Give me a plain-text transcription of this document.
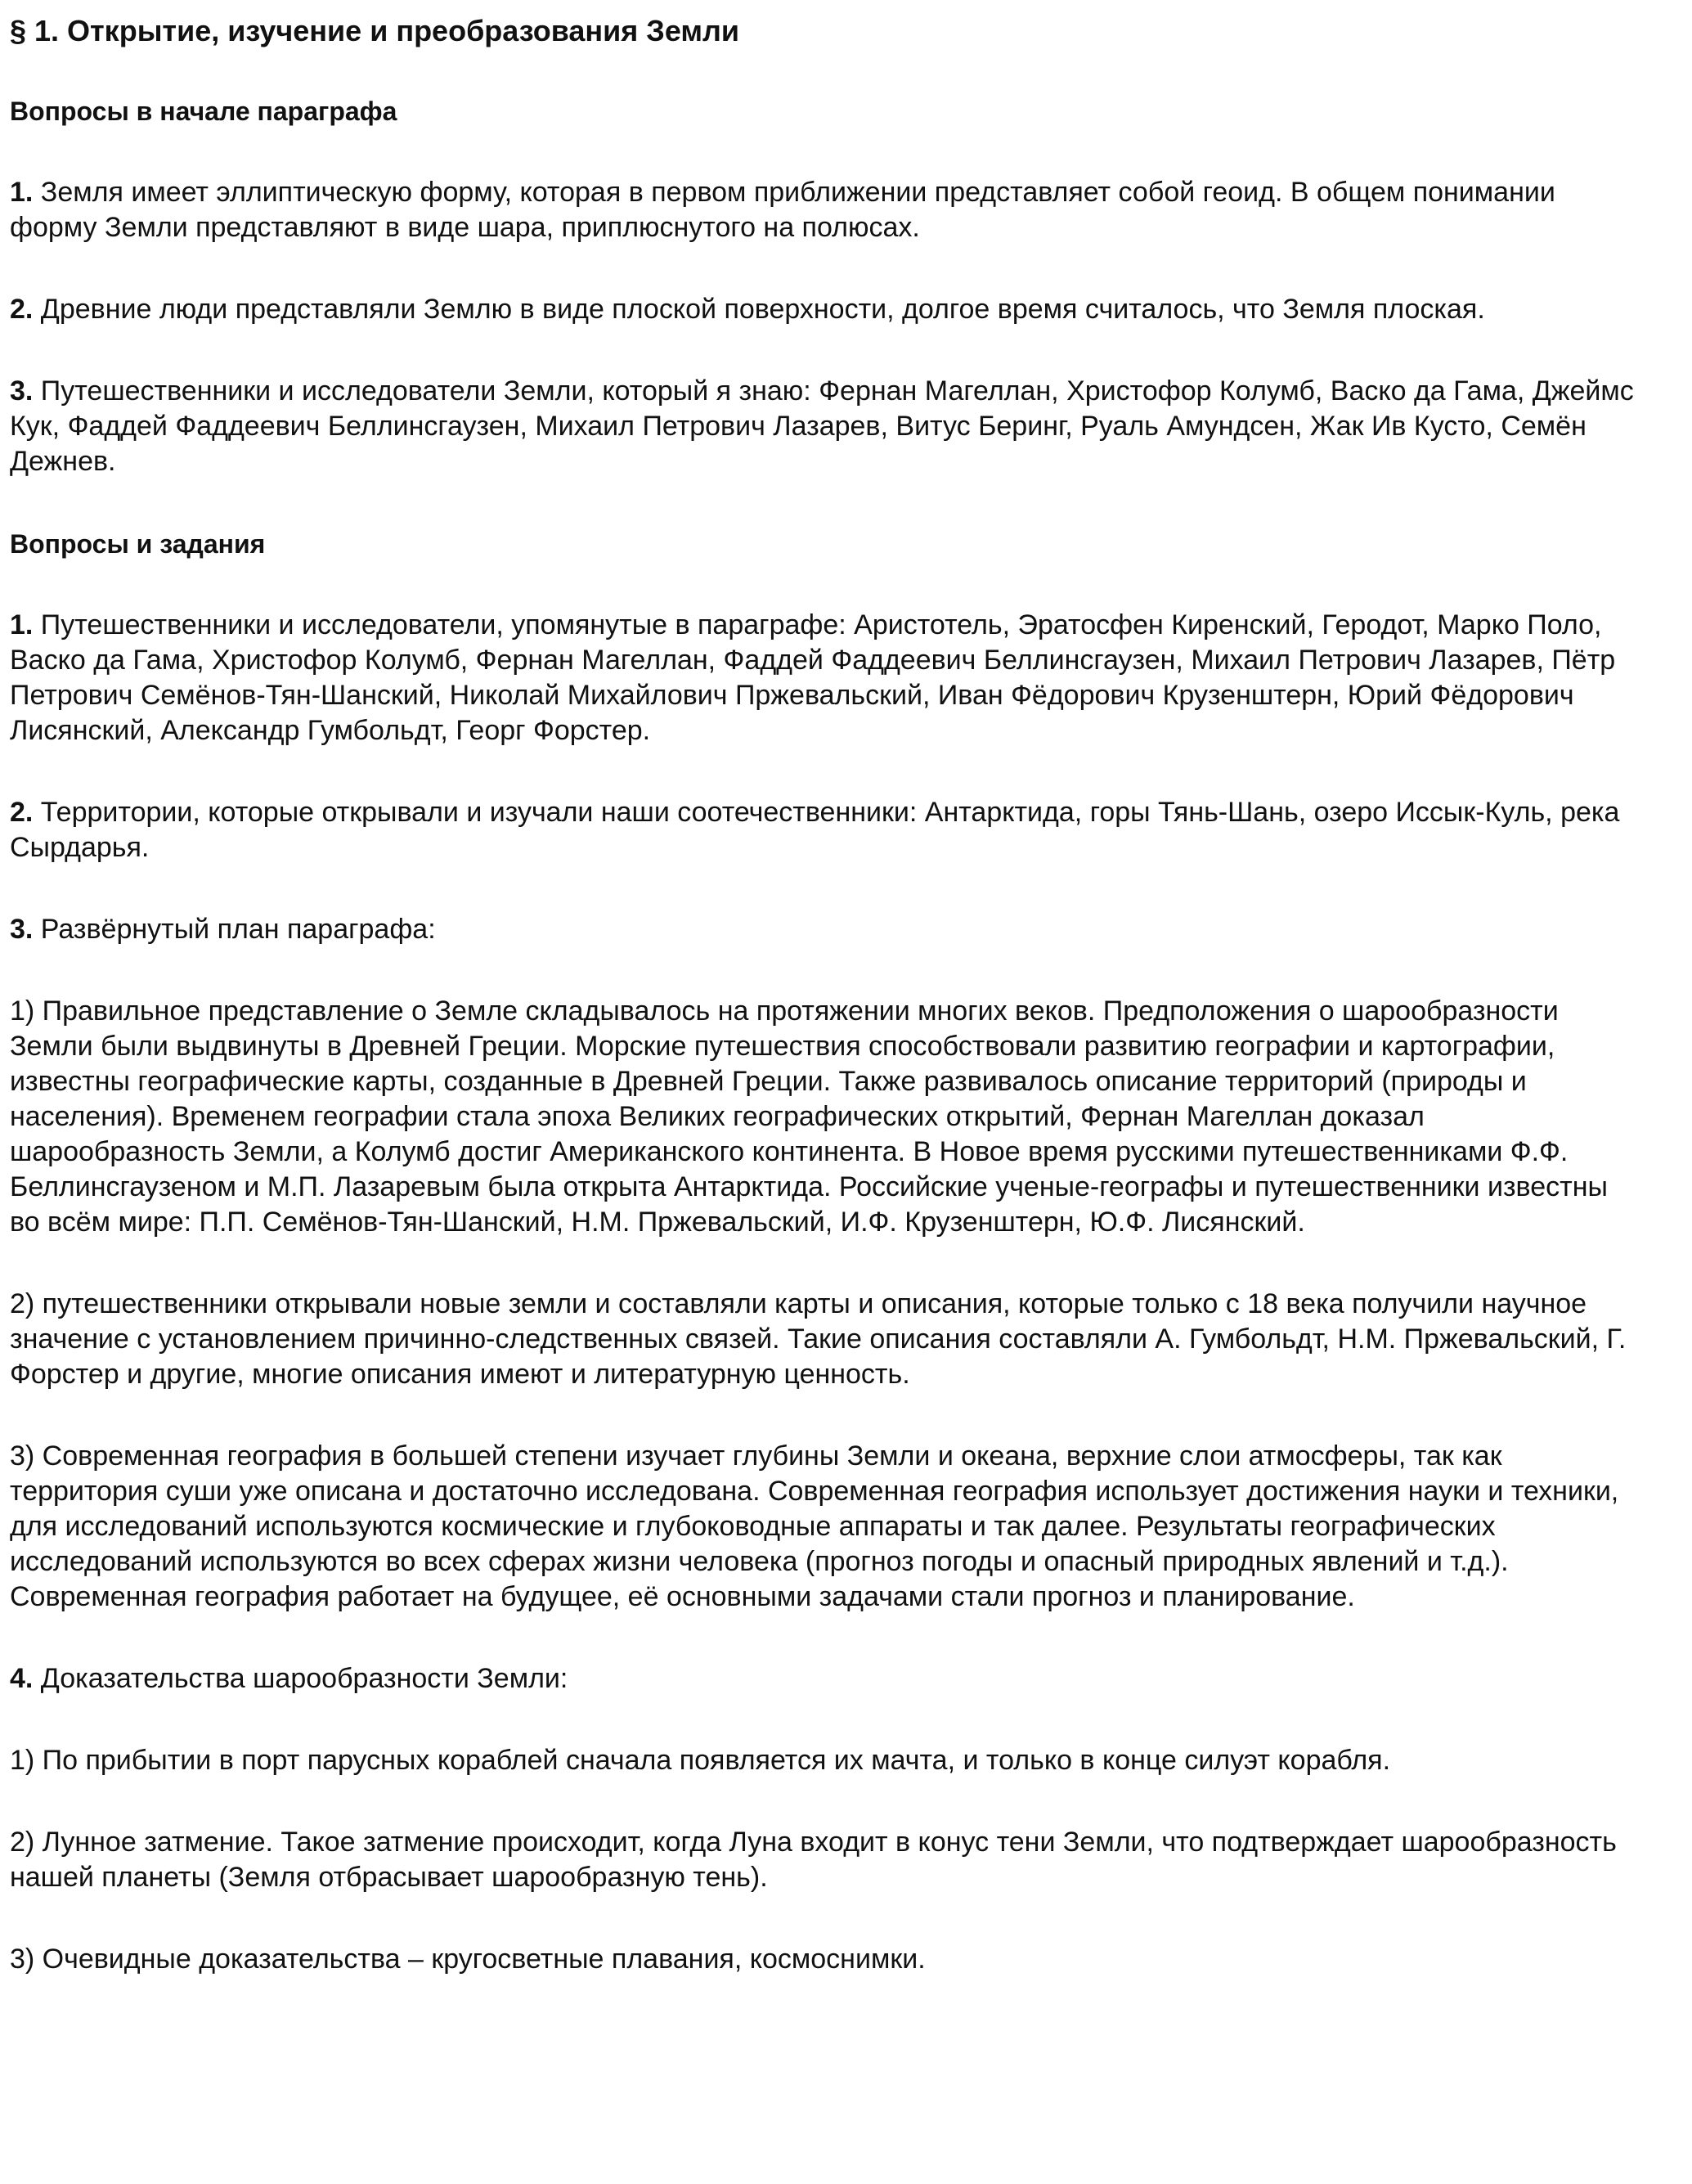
§ 1. Открытие, изучение и преобразования Земли
Вопросы в начале параграфа

1. Земля имеет эллиптическую форму, которая в первом приближении представляет собой геоид. В общем понимании форму Земли представляют в виде шара, приплюснутого на полюсах.

2. Древние люди представляли Землю в виде плоской поверхности, долгое время считалось, что Земля плоская.

3. Путешественники и исследователи Земли, который я знаю: Фернан Магеллан, Христофор Колумб, Васко да Гама, Джеймс Кук, Фаддей Фаддеевич Беллинсгаузен, Михаил Петрович Лазарев, Витус Беринг, Руаль Амундсен, Жак Ив Кусто, Семён Дежнев.

Вопросы и задания

1. Путешественники и исследователи, упомянутые в параграфе: Аристотель, Эратосфен Киренский, Геродот, Марко Поло, Васко да Гама, Христофор Колумб, Фернан Магеллан, Фаддей Фаддеевич Беллинсгаузен, Михаил Петрович Лазарев, Пётр Петрович Семёнов-Тян-Шанский, Николай Михайлович Пржевальский, Иван Фёдорович Крузенштерн, Юрий Фёдорович Лисянский, Александр Гумбольдт, Георг Форстер.

2. Территории, которые открывали и изучали наши соотечественники: Антарктида, горы Тянь-Шань, озеро Иссык-Куль, река Сырдарья.

3. Развёрнутый план параграфа:

1) Правильное представление о Земле складывалось на протяжении многих веков. Предположения о шарообразности Земли были выдвинуты в Древней Греции. Морские путешествия способствовали развитию географии и картографии, известны географические карты, созданные в Древней Греции. Также развивалось описание территорий (природы и населения). Временем географии стала эпоха Великих географических открытий, Фернан Магеллан доказал шарообразность Земли, а Колумб достиг Американского континента. В Новое время русскими путешественниками Ф.Ф. Беллинсгаузеном и М.П. Лазаревым была открыта Антарктида. Российские ученые-географы и путешественники известны во всём мире: П.П. Семёнов-Тян-Шанский, Н.М. Пржевальский, И.Ф. Крузенштерн, Ю.Ф. Лисянский.

2) путешественники открывали новые земли и составляли карты и описания, которые только с 18 века получили научное значение с установлением причинно-следственных связей. Такие описания составляли А. Гумбольдт, Н.М. Пржевальский, Г. Форстер и другие, многие описания имеют и литературную ценность.

3) Современная география в большей степени изучает глубины Земли и океана, верхние слои атмосферы, так как территория суши уже описана и достаточно исследована. Современная география использует достижения науки и техники, для исследований используются космические и глубоководные аппараты и так далее. Результаты географических исследований используются во всех сферах жизни человека (прогноз погоды и опасный природных явлений и т.д.). Современная география работает на будущее, её основными задачами стали прогноз и планирование.

4. Доказательства шарообразности Земли:

1) По прибытии в порт парусных кораблей сначала появляется их мачта, и только в конце силуэт корабля.

2) Лунное затмение. Такое затмение происходит, когда Луна входит в конус тени Земли, что подтверждает шарообразность нашей планеты (Земля отбрасывает шарообразную тень).

3) Очевидные доказательства – кругосветные плавания, космоснимки.
